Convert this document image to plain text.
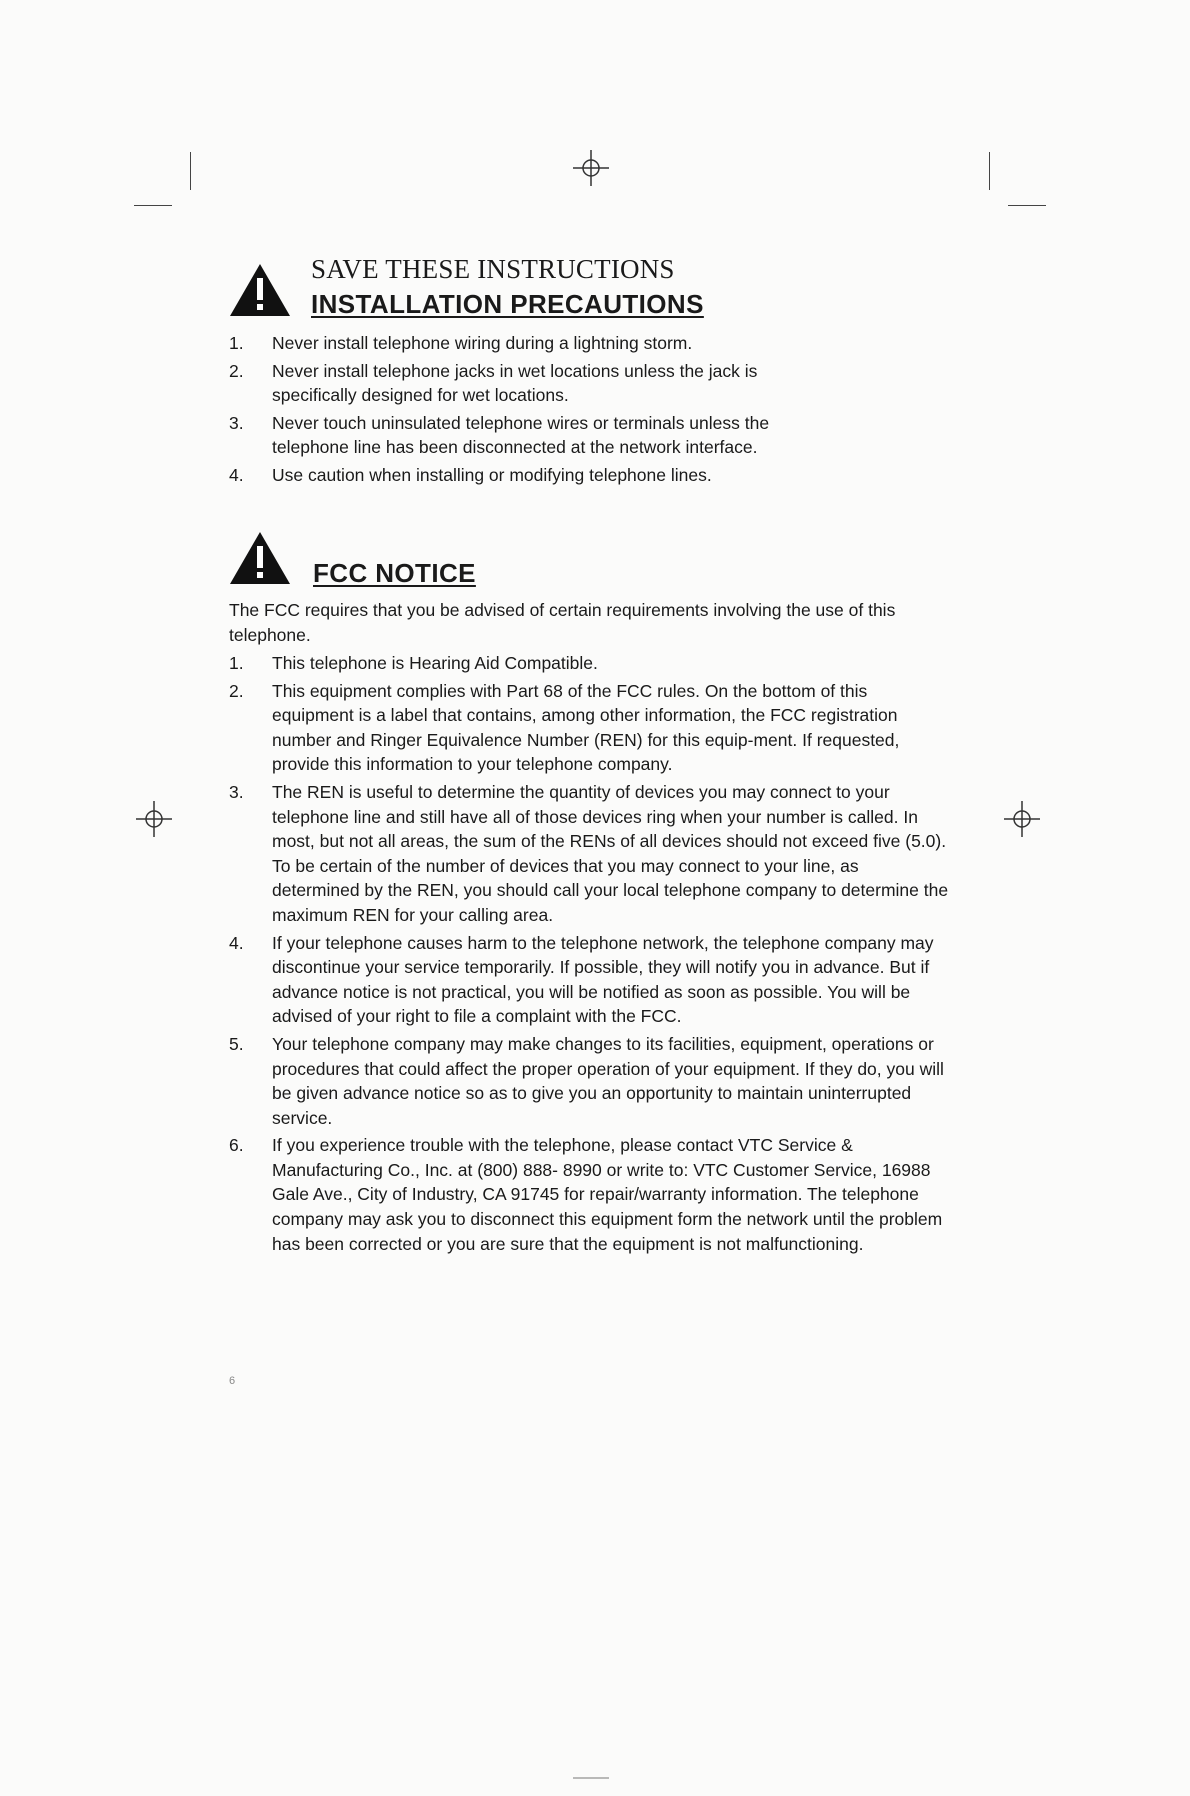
SAVE THESE INSTRUCTIONS
INSTALLATION PRECAUTIONS
1. Never install telephone wiring during a lightning storm.
2. Never install telephone jacks in wet locations unless the jack is specifically designed for wet locations.
3. Never touch uninsulated telephone wires or terminals unless the telephone line has been disconnected at the network interface.
4. Use caution when installing or modifying telephone lines.
FCC NOTICE
The FCC requires that you be advised of certain requirements involving the use of this telephone.
1. This telephone is Hearing Aid Compatible.
2. This equipment complies with Part 68 of the FCC rules. On the bottom of this equipment is a label that contains, among other information, the FCC registration number and Ringer Equivalence Number (REN) for this equip-ment. If requested, provide this information to your telephone company.
3. The REN is useful to determine the quantity of devices you may connect to your telephone line and still have all of those devices ring when your number is called. In most, but not all areas, the sum of the RENs of all devices should not exceed five (5.0). To be certain of the number of devices that you may connect to your line, as determined by the REN, you should call your local telephone company to determine the maximum REN for your calling area.
4. If your telephone causes harm to the telephone network, the telephone company may discontinue your service temporarily. If possible, they will notify you in advance. But if advance notice is not practical, you will be notified as soon as possible. You will be advised of your right to file a complaint with the FCC.
5. Your telephone company may make changes to its facilities, equipment, operations or procedures that could affect the proper operation of your equipment. If they do, you will be given advance notice so as to give you an opportunity to maintain uninterrupted service.
6. If you experience trouble with the telephone, please contact VTC Service & Manufacturing Co., Inc. at (800) 888- 8990 or write to: VTC Customer Service, 16988 Gale Ave., City of Industry, CA 91745 for repair/warranty information. The telephone company may ask you to disconnect this equipment form the network until the problem has been corrected or you are sure that the equipment is not malfunctioning.
6
